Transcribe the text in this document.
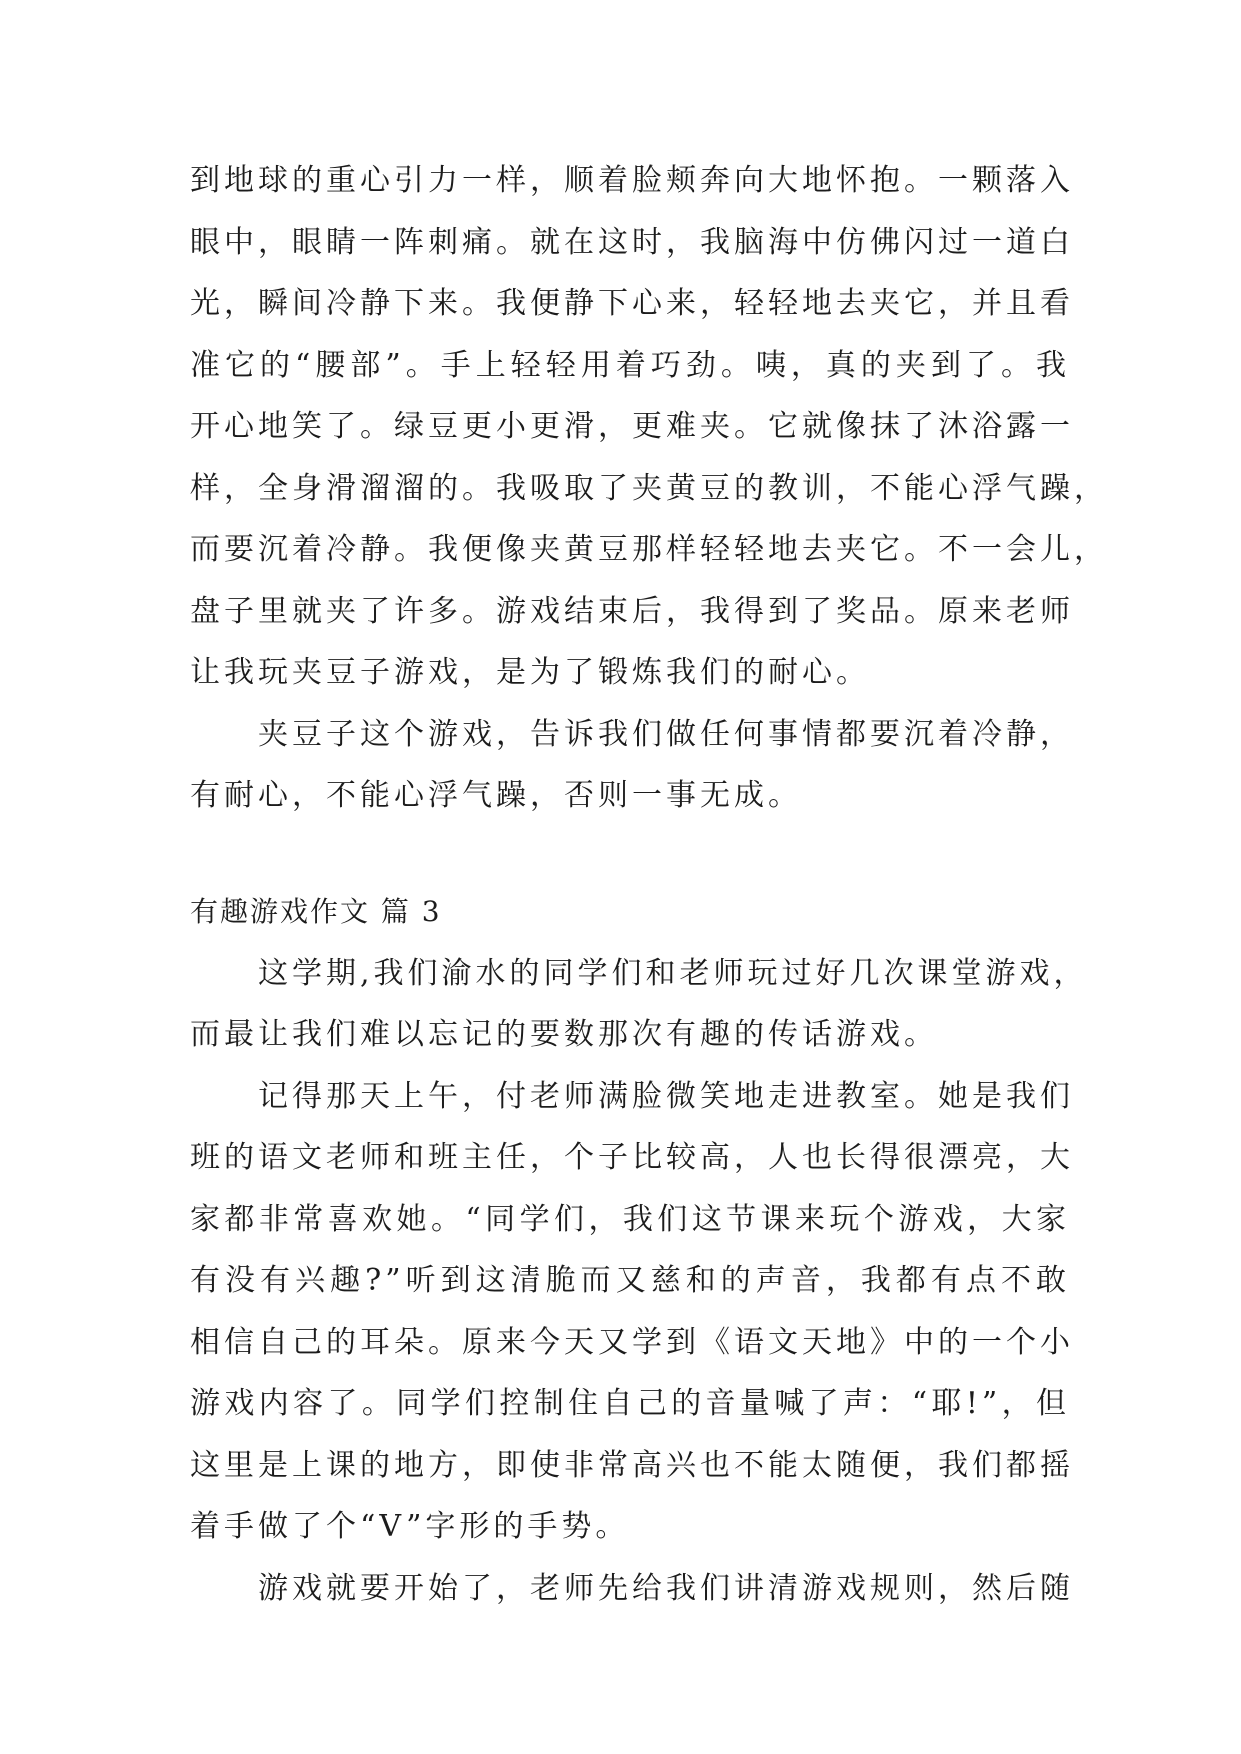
到地球的重心引力一样，顺着脸颊奔向大地怀抱。一颗落入
眼中，眼睛一阵刺痛。就在这时，我脑海中仿佛闪过一道白
光，瞬间冷静下来。我便静下心来，轻轻地去夹它，并且看
准它的“腰部”。手上轻轻用着巧劲。咦，真的夹到了。我
开心地笑了。绿豆更小更滑，更难夹。它就像抹了沐浴露一
样，全身滑溜溜的。我吸取了夹黄豆的教训，不能心浮气躁，
而要沉着冷静。我便像夹黄豆那样轻轻地去夹它。不一会儿，
盘子里就夹了许多。游戏结束后，我得到了奖品。原来老师
让我玩夹豆子游戏，是为了锻炼我们的耐心。
夹豆子这个游戏，告诉我们做任何事情都要沉着冷静，
有耐心，不能心浮气躁，否则一事无成。
有趣游戏作文 篇 3
这学期,我们渝水的同学们和老师玩过好几次课堂游戏，
而最让我们难以忘记的要数那次有趣的传话游戏。
记得那天上午，付老师满脸微笑地走进教室。她是我们
班的语文老师和班主任，个子比较高，人也长得很漂亮，大
家都非常喜欢她。“同学们，我们这节课来玩个游戏，大家
有没有兴趣?”听到这清脆而又慈和的声音，我都有点不敢
相信自己的耳朵。原来今天又学到《语文天地》中的一个小
游戏内容了。同学们控制住自己的音量喊了声：“耶!”，但
这里是上课的地方，即使非常高兴也不能太随便，我们都摇
着手做了个“V”字形的手势。
游戏就要开始了，老师先给我们讲清游戏规则，然后随
